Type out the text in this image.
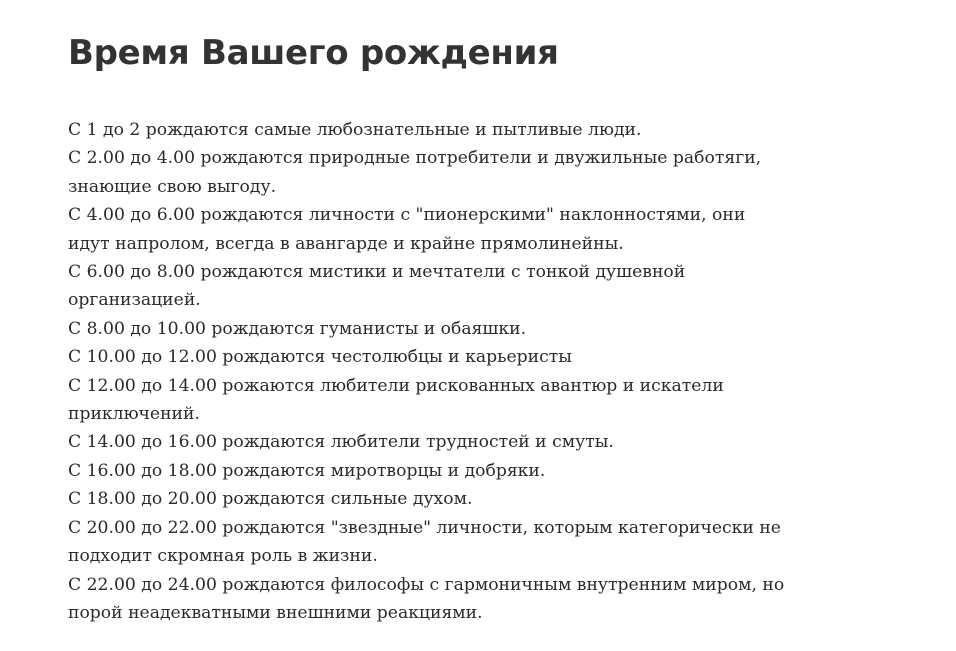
Время Вашего рождения

С 1 до 2 рождаются самые любознательные и пытливые люди.

С 2.00 до 4.00 рождаются природные потребители и двужильные работяги, знающие свою выгоду.

С 4.00 до 6.00 рождаются личности с "пионерскими" наклонностями, они идут напролом, всегда в авангарде и крайне прямолинейны.

С 6.00 до 8.00 рождаются мистики и мечтатели с тонкой душевной организацией.

С 8.00 до 10.00 рождаются гуманисты и обаяшки.

С 10.00 до 12.00 рождаются честолюбцы и карьеристы

С 12.00 до 14.00 рожаются любители рискованных авантюр и искатели приключений.

С 14.00 до 16.00 рождаются любители трудностей и смуты.

С 16.00 до 18.00 рождаются миротворцы и добряки.

С 18.00 до 20.00 рождаются сильные духом.

С 20.00 до 22.00 рождаются "звездные" личности, которым категорически не подходит скромная роль в жизни.

С 22.00 до 24.00 рождаются философы с гармоничным внутренним миром, но порой неадекватными внешними реакциями.
